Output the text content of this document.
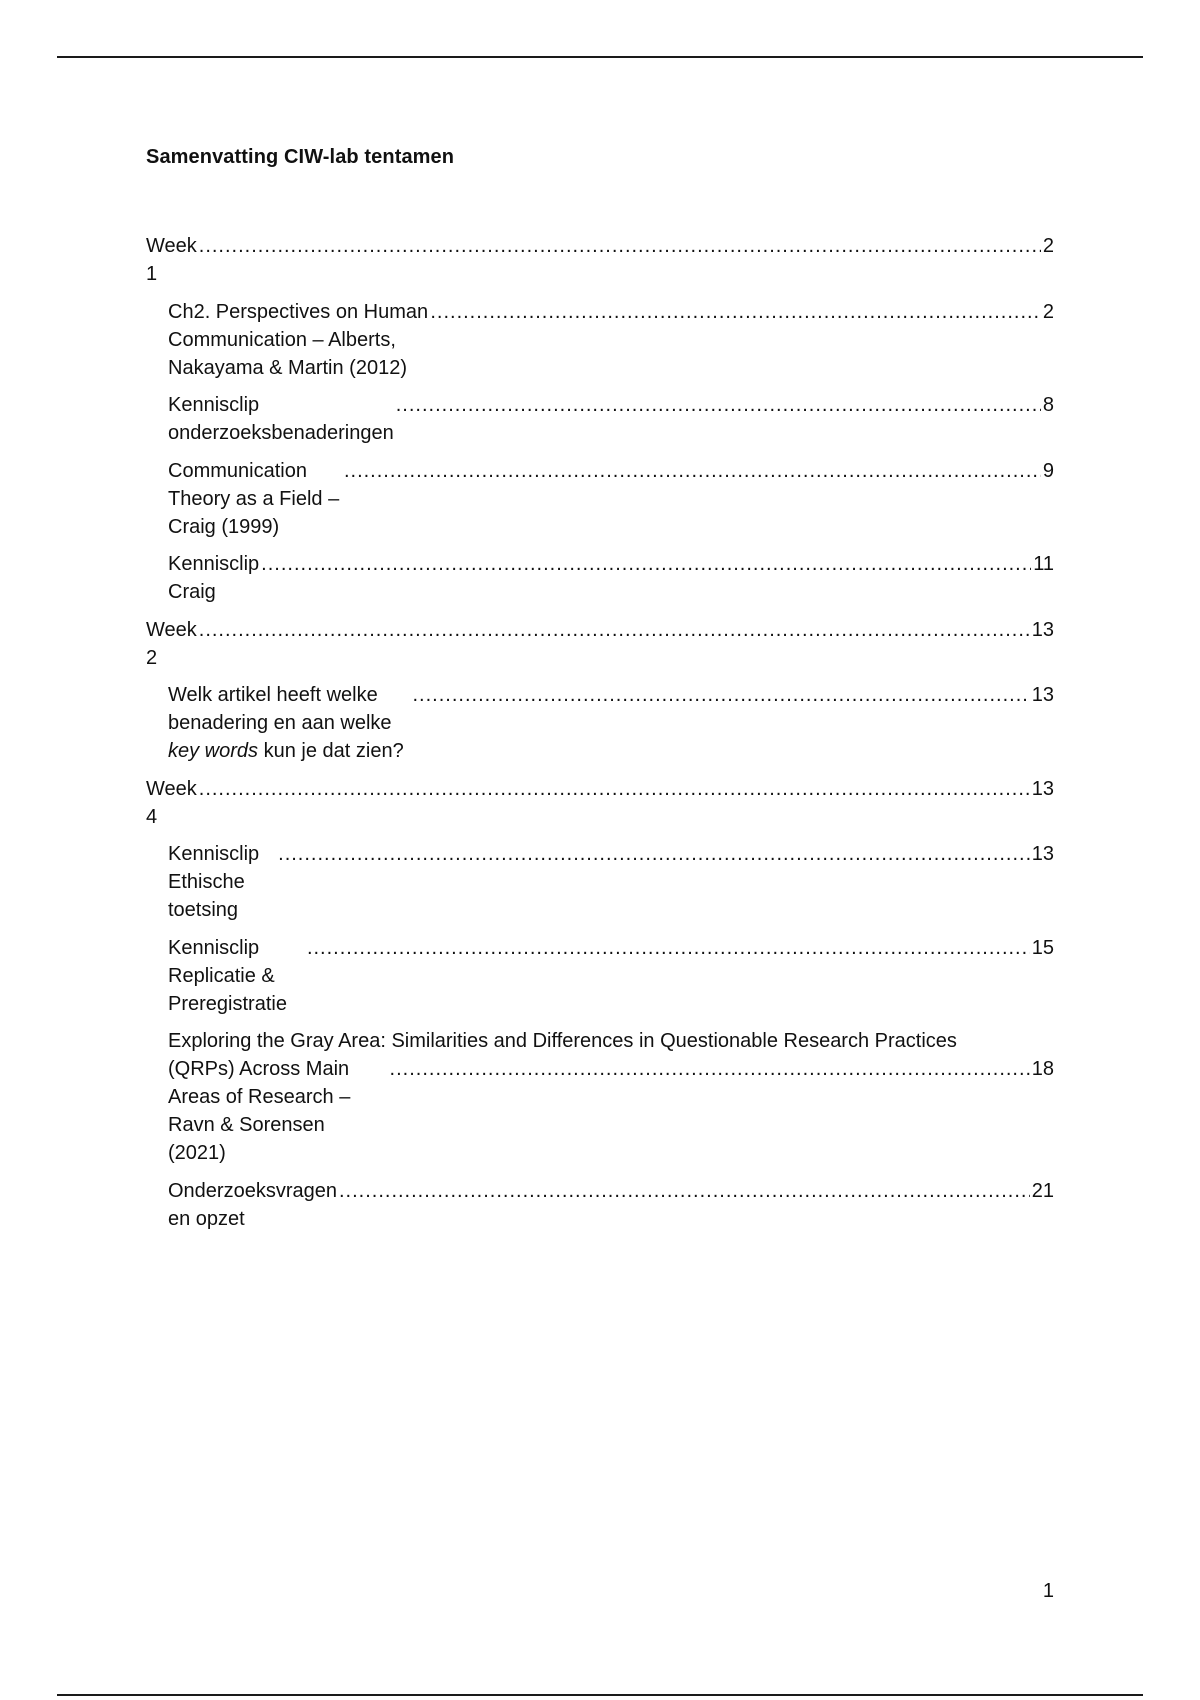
Samenvatting CIW-lab tentamen
Week 1
.....
2
Ch2. Perspectives on Human Communication – Alberts, Nakayama & Martin (2012)
.....
2
Kennisclip onderzoeksbenaderingen
.....
8
Communication Theory as a Field – Craig (1999)
.....
9
Kennisclip Craig
.....
11
Week 2
.....
13
Welk artikel heeft welke benadering en aan welke key words kun je dat zien?
.....
13
Week 4
.....
13
Kennisclip Ethische toetsing
.....
13
Kennisclip Replicatie & Preregistratie
.....
15
Exploring the Gray Area: Similarities and Differences in Questionable Research Practices
(QRPs) Across Main Areas of Research – Ravn & Sorensen (2021)
.....
18
Onderzoeksvragen en opzet
.....
21

1
